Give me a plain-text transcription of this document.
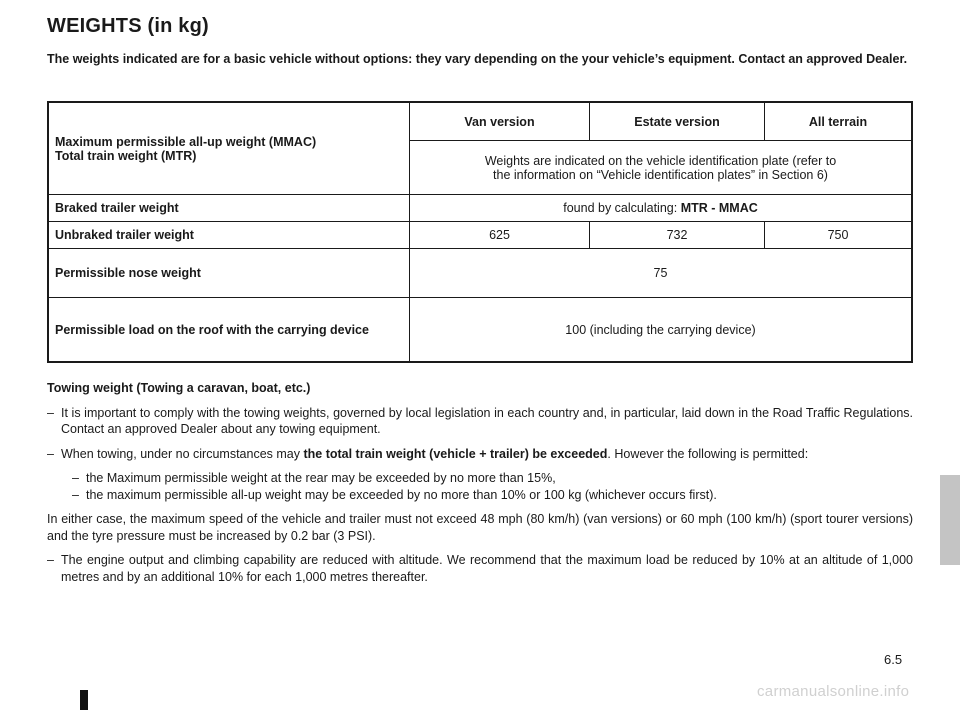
WEIGHTS (in kg)

The weights indicated are for a basic vehicle without options: they vary depending on the your vehicle’s equipment. Contact an approved Dealer.

Maximum permissible all-up weight (MMAC)
Total train weight (MTR)	Van version	Estate version	All terrain
	Weights are indicated on the vehicle identification plate (refer to
the information on “Vehicle identification plates” in Section 6)		
Braked trailer weight	found by calculating: MTR - MMAC		
Unbraked trailer weight	625	732	750
Permissible nose weight	75		
Permissible load on the roof with the carrying device	100 (including the carrying device)		

Towing weight (Towing a caravan, boat, etc.)

– It is important to comply with the towing weights, governed by local legislation in each country and, in particular, laid down in the Road Traffic Regulations. Contact an approved Dealer about any towing equipment.

– When towing, under no circumstances may the total train weight (vehicle + trailer) be exceeded. However the following is permitted:

– the Maximum permissible weight at the rear may be exceeded by no more than 15%,

– the maximum permissible all-up weight may be exceeded by no more than 10% or 100 kg (whichever occurs first).

In either case, the maximum speed of the vehicle and trailer must not exceed 48 mph (80 km/h) (van versions) or 60 mph (100 km/h) (sport tourer versions) and the tyre pressure must be increased by 0.2 bar (3 PSI).

– The engine output and climbing capability are reduced with altitude. We recommend that the maximum load be reduced by 10% at an altitude of 1,000 metres and by an additional 10% for each 1,000 metres thereafter.

6.5
carmanualsonline.info
